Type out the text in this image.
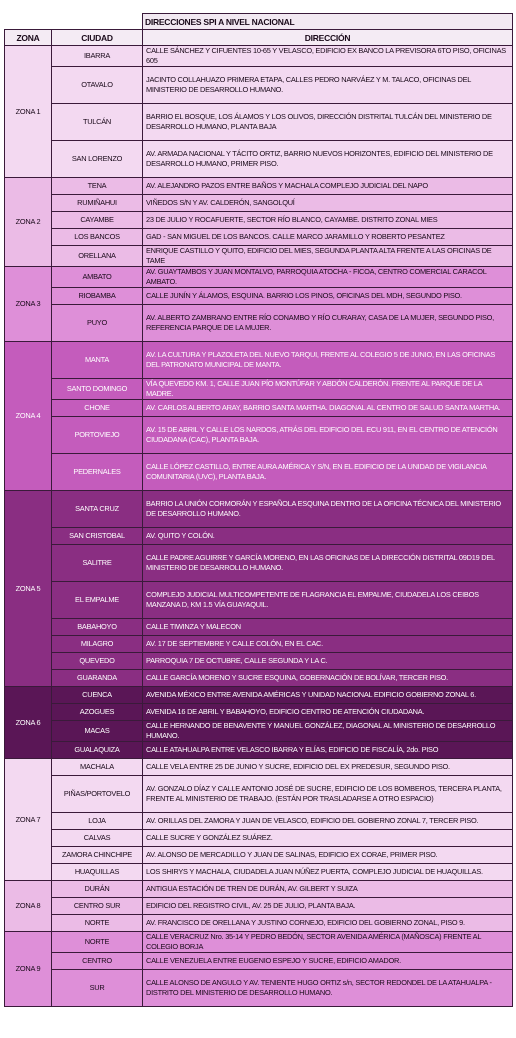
		DIRECCIONES SPI A NIVEL NACIONAL
ZONA	CIUDAD	DIRECCIÓN
ZONA 1	IBARRA	CALLE SÁNCHEZ Y CIFUENTES 10-65 Y VELASCO, EDIFICIO EX BANCO LA PREVISORA 6TO PISO, OFICINAS 605
	OTAVALO	JACINTO COLLAHUAZO PRIMERA ETAPA, CALLES PEDRO NARVÁEZ Y M. TALACO, OFICINAS DEL MINISTERIO DE DESARROLLO HUMANO.
	TULCÁN	BARRIO EL BOSQUE, LOS ÁLAMOS Y LOS OLIVOS, DIRECCIÓN DISTRITAL TULCÁN DEL MINISTERIO DE DESARROLLO HUMANO, PLANTA BAJA
	SAN LORENZO	AV. ARMADA NACIONAL Y TÁCITO ORTIZ, BARRIO NUEVOS HORIZONTES, EDIFICIO DEL MINISTERIO DE DESARROLLO HUMANO, PRIMER PISO.
ZONA 2	TENA	AV. ALEJANDRO PAZOS ENTRE BAÑOS Y MACHALA COMPLEJO JUDICIAL DEL NAPO
	RUMIÑAHUI	VIÑEDOS S/N Y AV. CALDERÓN, SANGOLQUÍ
	CAYAMBE	23 DE JULIO Y ROCAFUERTE, SECTOR RÍO BLANCO, CAYAMBE. DISTRITO ZONAL MIES
	LOS BANCOS	GAD - SAN MIGUEL DE LOS BANCOS. CALLE MARCO JARAMILLO Y ROBERTO PESANTEZ
	ORELLANA	ENRIQUE CASTILLO Y QUITO, EDIFICIO DEL MIES, SEGUNDA PLANTA ALTA FRENTE A LAS OFICINAS DE TAME
ZONA 3	AMBATO	AV. GUAYTAMBOS Y JUAN MONTALVO, PARROQUIA ATOCHA - FICOA, CENTRO COMERCIAL CARACOL AMBATO.
	RIOBAMBA	CALLE JUNÍN Y ÁLAMOS, ESQUINA. BARRIO LOS PINOS, OFICINAS DEL MDH, SEGUNDO PISO.
	PUYO	AV. ALBERTO ZAMBRANO ENTRE RÍO CONAMBO Y RÍO CURARAY, CASA DE LA MUJER, SEGUNDO PISO, REFERENCIA PARQUE DE LA MUJER.
ZONA 4	MANTA	AV. LA CULTURA Y PLAZOLETA DEL NUEVO TARQUI, FRENTE AL COLEGIO 5 DE JUNIO, EN LAS OFICINAS DEL PATRONATO MUNICIPAL DE MANTA.
	SANTO DOMINGO	VÍA QUEVEDO KM. 1, CALLE JUAN PÍO MONTÚFAR Y ABDÓN CALDERÓN. FRENTE AL PARQUE DE LA MADRE.
	CHONE	AV. CARLOS ALBERTO ARAY, BARRIO SANTA MARTHA. DIAGONAL AL CENTRO DE SALUD SANTA MARTHA.
	PORTOVIEJO	AV. 15 DE ABRIL Y CALLE LOS NARDOS, ATRÁS DEL EDIFICIO DEL ECU 911, EN EL CENTRO DE ATENCIÓN CIUDADANA (CAC), PLANTA BAJA.
	PEDERNALES	CALLE LÓPEZ CASTILLO, ENTRE AURA AMÉRICA Y S/N, EN EL EDIFICIO DE LA UNIDAD DE VIGILANCIA COMUNITARIA (UVC), PLANTA BAJA.
ZONA 5	SANTA CRUZ	BARRIO LA UNIÓN CORMORÁN Y ESPAÑOLA ESQUINA DENTRO DE LA OFICINA TÉCNICA DEL MINISTERIO DE DESARROLLO HUMANO.
	SAN CRISTOBAL	AV. QUITO Y COLÓN.
	SALITRE	CALLE PADRE AGUIRRE Y GARCÍA MORENO, EN LAS OFICINAS DE LA DIRECCIÓN DISTRITAL 09D19 DEL MINISTERIO DE DESARROLLO HUMANO.
	EL EMPALME	COMPLEJO JUDICIAL MULTICOMPETENTE DE FLAGRANCIA EL EMPALME, CIUDADELA LOS CEIBOS MANZANA D, KM 1.5 VÍA GUAYAQUIL.
	BABAHOYO	CALLE TIWINZA Y MALECON
	MILAGRO	AV. 17 DE SEPTIEMBRE Y CALLE COLÓN, EN EL CAC.
	QUEVEDO	PARROQUIA 7 DE OCTUBRE, CALLE SEGUNDA Y LA C.
	GUARANDA	CALLE GARCÍA MORENO Y SUCRE ESQUINA, GOBERNACIÓN DE BOLÍVAR, TERCER PISO.
ZONA 6	CUENCA	AVENIDA MÉXICO ENTRE AVENIDA AMÉRICAS Y UNIDAD NACIONAL EDIFICIO GOBIERNO ZONAL 6.
	AZOGUES	AVENIDA 16 DE ABRIL Y BABAHOYO, EDIFICIO CENTRO DE ATENCIÓN CIUDADANA.
	MACAS	CALLE HERNANDO DE BENAVENTE Y MANUEL GONZÁLEZ, DIAGONAL AL MINISTERIO DE DESARROLLO HUMANO.
	GUALAQUIZA	CALLE ATAHUALPA ENTRE VELASCO IBARRA Y ELÍAS, EDIFICIO DE FISCALÍA, 2do. PISO
ZONA 7	MACHALA	CALLE VELA ENTRE 25 DE JUNIO Y SUCRE, EDIFICIO DEL EX PREDESUR, SEGUNDO PISO.
	PIÑAS/PORTOVELO	AV. GONZALO DÍAZ Y CALLE ANTONIO JOSÉ DE SUCRE, EDIFICIO DE LOS BOMBEROS, TERCERA PLANTA, FRENTE AL MINISTERIO DE TRABAJO. (ESTÁN POR TRASLADARSE A OTRO ESPACIO)
	LOJA	AV. ORILLAS DEL ZAMORA Y JUAN DE VELASCO, EDIFICIO DEL GOBIERNO ZONAL 7, TERCER PISO.
	CALVAS	CALLE SUCRE Y GONZÁLEZ SUÁREZ.
	ZAMORA CHINCHIPE	AV. ALONSO DE MERCADILLO Y JUAN DE SALINAS, EDIFICIO EX CORAE, PRIMER PISO.
	HUAQUILLAS	LOS SHIRYS Y MACHALA, CIUDADELA JUAN NÚÑEZ PUERTA, COMPLEJO JUDICIAL DE HUAQUILLAS.
ZONA 8	DURÁN	ANTIGUA ESTACIÓN DE TREN DE DURÁN, AV. GILBERT Y SUIZA
	CENTRO SUR	EDIFICIO DEL REGISTRO CIVIL, AV. 25 DE JULIO, PLANTA BAJA.
	NORTE	AV. FRANCISCO DE ORELLANA Y JUSTINO CORNEJO, EDIFICIO DEL GOBIERNO ZONAL, PISO 9.
ZONA 9	NORTE	CALLE VERACRUZ Nro. 35-14 Y PEDRO BEDÓN, SECTOR AVENIDA AMÉRICA (MAÑOSCA) FRENTE AL COLEGIO BORJA
	CENTRO	CALLE VENEZUELA ENTRE EUGENIO ESPEJO Y SUCRE, EDIFICIO AMADOR.
	SUR	CALLE ALONSO DE ANGULO Y AV. TENIENTE HUGO ORTIZ s/n, SECTOR REDONDEL DE LA ATAHUALPA - DISTRITO DEL MINISTERIO DE DESARROLLO HUMANO.
